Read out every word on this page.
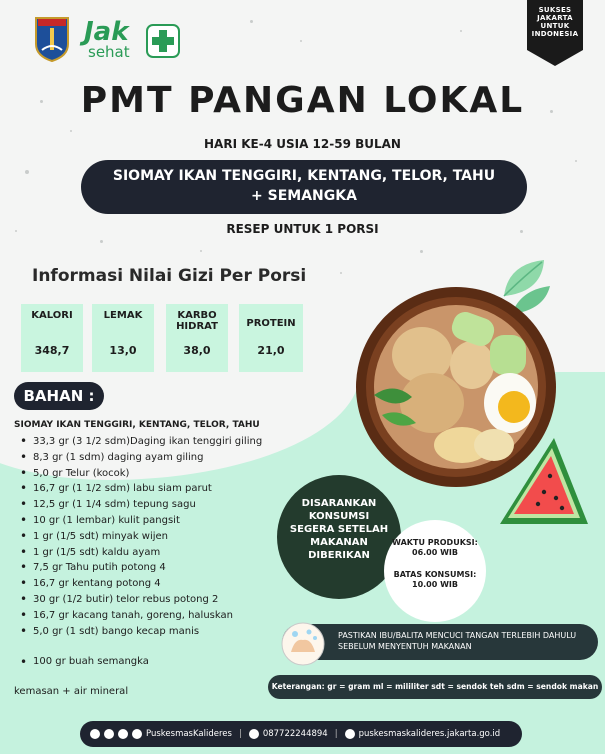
Jak
sehat
SUKSES
JAKARTA
UNTUK
INDONESIA
PMT PANGAN LOKAL
HARI KE-4 USIA 12-59 BULAN
SIOMAY IKAN TENGGIRI, KENTANG, TELOR, TAHU + SEMANGKA
RESEP UNTUK 1 PORSI
Informasi Nilai Gizi Per Porsi
KALORI
348,7
LEMAK
13,0
KARBO HIDRAT
38,0
PROTEIN
21,0
BAHAN :
SIOMAY IKAN TENGGIRI, KENTANG, TELOR, TAHU
• 33,3 gr (3 1/2 sdm)Daging ikan tenggiri giling
• 8,3 gr (1 sdm) daging ayam giling
• 5,0 gr Telur (kocok)
• 16,7 gr (1 1/2 sdm) labu siam parut
• 12,5 gr (1 1/4 sdm) tepung sagu
• 10 gr (1 lembar) kulit pangsit
• 1 gr (1/5 sdt) minyak wijen
• 1 gr (1/5 sdt) kaldu ayam
• 7,5 gr Tahu putih potong 4
• 16,7 gr kentang potong 4
• 30 gr (1/2 butir) telor rebus potong 2
• 16,7 gr kacang tanah, goreng, haluskan
• 5,0 gr (1 sdt) bango kecap manis
• 100 gr buah semangka
kemasan + air mineral
DISARANKAN KONSUMSI SEGERA SETELAH MAKANAN DIBERIKAN
WAKTU PRODUKSI:
06.00 WIB
BATAS KONSUMSI:
10.00 WIB
PASTIKAN IBU/BALITA MENCUCI TANGAN TERLEBIH DAHULU SEBELUM MENYENTUH MAKANAN
Keterangan: gr = gram ml = mililiter sdt = sendok teh sdm = sendok makan
PuskesmasKalideres | 087722244894 | puskesmaskalideres.jakarta.go.id
